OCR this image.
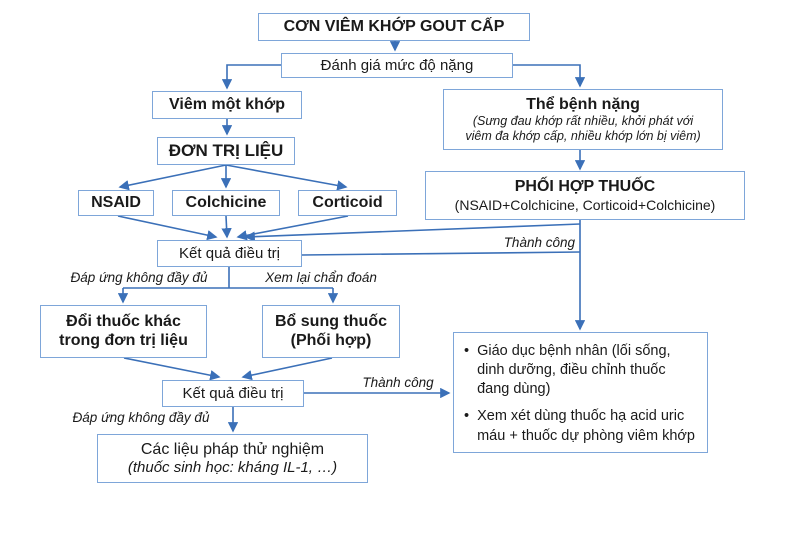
CƠN VIÊM KHỚP GOUT CẤP
Đánh giá mức độ nặng
Viêm một khớp
ĐƠN TRỊ LIỆU
NSAID	Colchicine	Corticoid
Kết quả điều trị
Thể bệnh nặng
(Sưng đau khớp rất nhiều, khởi phát với
viêm đa khớp cấp, nhiều khớp lớn bị viêm)
PHỐI HỢP THUỐC
(NSAID+Colchicine, Corticoid+Colchicine)
Đổi thuốc khác
trong đơn trị liệu
Bổ sung thuốc
(Phối hợp)
Kết quả điều trị
Các liệu pháp thử nghiệm
(thuốc sinh học: kháng IL-1, …)
• Giáo dục bệnh nhân (lối sống, dinh dưỡng, điều chỉnh thuốc đang dùng)
• Xem xét dùng thuốc hạ acid uric máu + thuốc dự phòng viêm khớp
Thành công
Đáp ứng không đầy đủ	Xem lại chẩn đoán
Thành công
Đáp ứng không đầy đủ
